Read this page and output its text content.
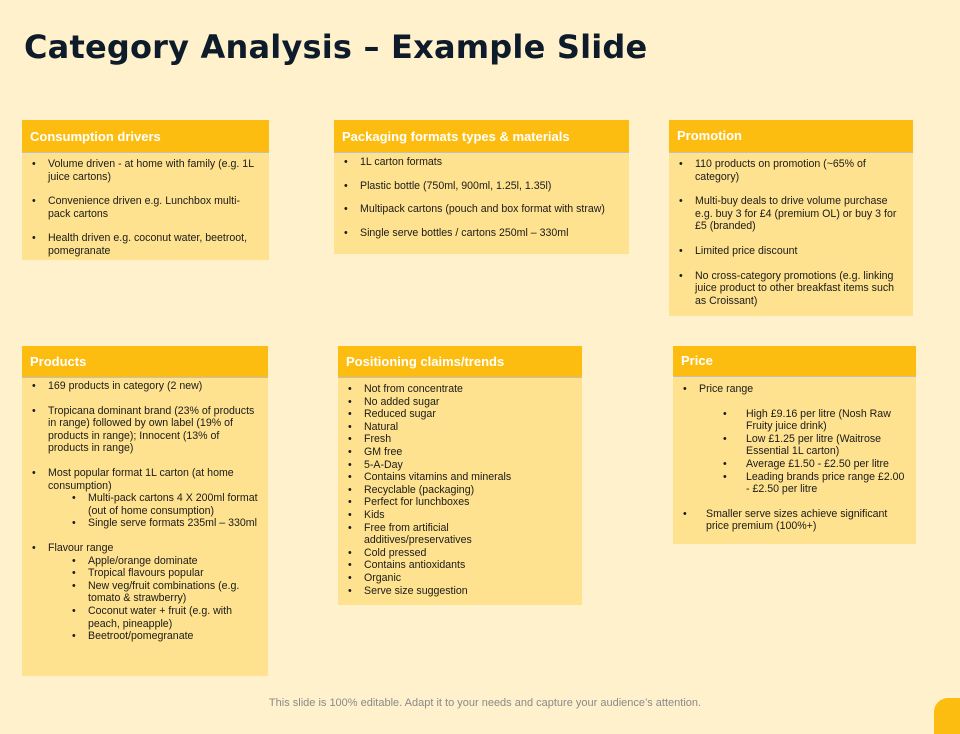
Category Analysis – Example Slide
Consumption drivers
• Volume driven - at home with family (e.g. 1L juice cartons)
• Convenience driven e.g. Lunchbox multi-pack cartons
• Health driven e.g. coconut water, beetroot, pomegranate
Packaging formats types & materials
• 1L carton formats
• Plastic bottle (750ml, 900ml, 1.25l, 1.35l)
• Multipack cartons (pouch and box format with straw)
• Single serve bottles / cartons 250ml – 330ml
Promotion
• 110 products on promotion (~65% of category)
• Multi-buy deals to drive volume purchase e.g. buy 3 for £4 (premium OL) or buy 3 for £5 (branded)
• Limited price discount
• No cross-category promotions (e.g. linking juice product to other breakfast items such as Croissant)
Products
• 169 products in category (2 new)
• Tropicana dominant brand (23% of products in range) followed by own label (19% of products in range); Innocent (13% of products in range)
• Most popular format 1L carton (at home consumption)
• Multi-pack cartons 4 X 200ml format (out of home consumption)
• Single serve formats 235ml – 330ml
• Flavour range
• Apple/orange dominate
• Tropical flavours popular
• New veg/fruit combinations (e.g. tomato & strawberry)
• Coconut water + fruit (e.g. with peach, pineapple)
• Beetroot/pomegranate
Positioning claims/trends
• Not from concentrate
• No added sugar
• Reduced sugar
• Natural
• Fresh
• GM free
• 5-A-Day
• Contains vitamins and minerals
• Recyclable (packaging)
• Perfect for lunchboxes
• Kids
• Free from artificial additives/preservatives
• Cold pressed
• Contains antioxidants
• Organic
• Serve size suggestion
Price
• Price range
• High £9.16 per litre (Nosh Raw Fruity juice drink)
• Low £1.25 per litre (Waitrose Essential 1L carton)
• Average £1.50 - £2.50 per litre
• Leading brands price range £2.00 - £2.50 per litre
• Smaller serve sizes achieve significant price premium (100%+)
This slide is 100% editable. Adapt it to your needs and capture your audience’s attention.
